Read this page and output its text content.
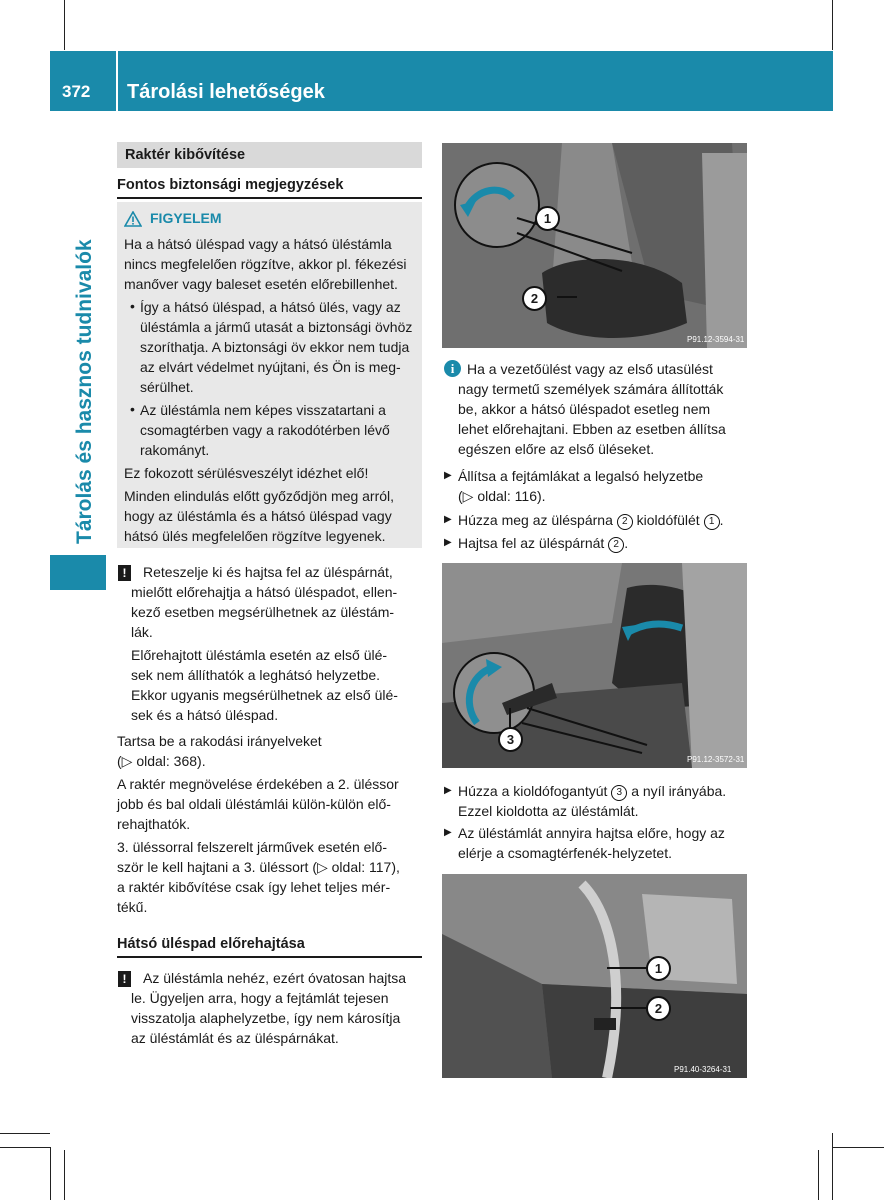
372 Tárolási lehetőségek
Tárolás és hasznos tudnivalók
Raktér kibővítése
Fontos biztonsági megjegyzések
FIGYELEM
Ha a hátsó üléspad vagy a hátsó üléstámla
nincs megfelelően rögzítve, akkor pl. fékezési
manőver vagy baleset esetén előrebillenhet.
• Így a hátsó üléspad, a hátsó ülés, vagy az
üléstámla a jármű utasát a biztonsági övhöz
szoríthatja. A biztonsági öv ekkor nem tudja
az elvárt védelmet nyújtani, és Ön is meg-
sérülhet.
• Az üléstámla nem képes visszatartani a
csomagtérben vagy a rakodótérben lévő
rakományt.
Ez fokozott sérülésveszélyt idézhet elő!
Minden elindulás előtt győződjön meg arról,
hogy az üléstámla és a hátsó üléspad vagy
hátsó ülés megfelelően rögzítve legyenek.
!	Reteszelje ki és hajtsa fel az üléspárnát,
mielőtt előrehajtja a hátsó üléspadot, ellen-
kező esetben megsérülhetnek az üléstám-
lák.
Előrehajtott üléstámla esetén az első ülé-
sek nem állíthatók a leghátsó helyzetbe.
Ekkor ugyanis megsérülhetnek az első ülé-
sek és a hátsó üléspad.
Tartsa be a rakodási irányelveket
(▷ oldal: 368).
A raktér megnövelése érdekében a 2. üléssor
jobb és bal oldali üléstámlái külön-külön elő-
rehajthatók.
3. üléssorral felszerelt járművek esetén elő-
ször le kell hajtani a 3. üléssort (▷ oldal: 117),
a raktér kibővítése csak így lehet teljes mér-
tékű.
Hátsó üléspad előrehajtása
!	Az üléstámla nehéz, ezért óvatosan hajtsa
le. Ügyeljen arra, hogy a fejtámlát tejesen
visszatolja alaphelyzetbe, így nem károsítja
az üléstámlát és az üléspárnákat.
1
2
P91.12-3594-31
i Ha a vezetőülést vagy az első utasülést
nagy termetű személyek számára állították
be, akkor a hátsó üléspadot esetleg nem
lehet előrehajtani. Ebben az esetben állítsa
egészen előre az első üléseket.
▶ Állítsa a fejtámlákat a legalsó helyzetbe
(▷ oldal: 116).
▶ Húzza meg az üléspárna 2 kioldófülét 1 .
▶ Hajtsa fel az üléspárnát 2 .
3
P91.12-3572-31
▶ Húzza a kioldófogantyút 3 a nyíl irányába.
Ezzel kioldotta az üléstámlát.
▶ Az üléstámlát annyira hajtsa előre, hogy az
elérje a csomagtérfenék-helyzetet.
1
2
P91.40-3264-31
